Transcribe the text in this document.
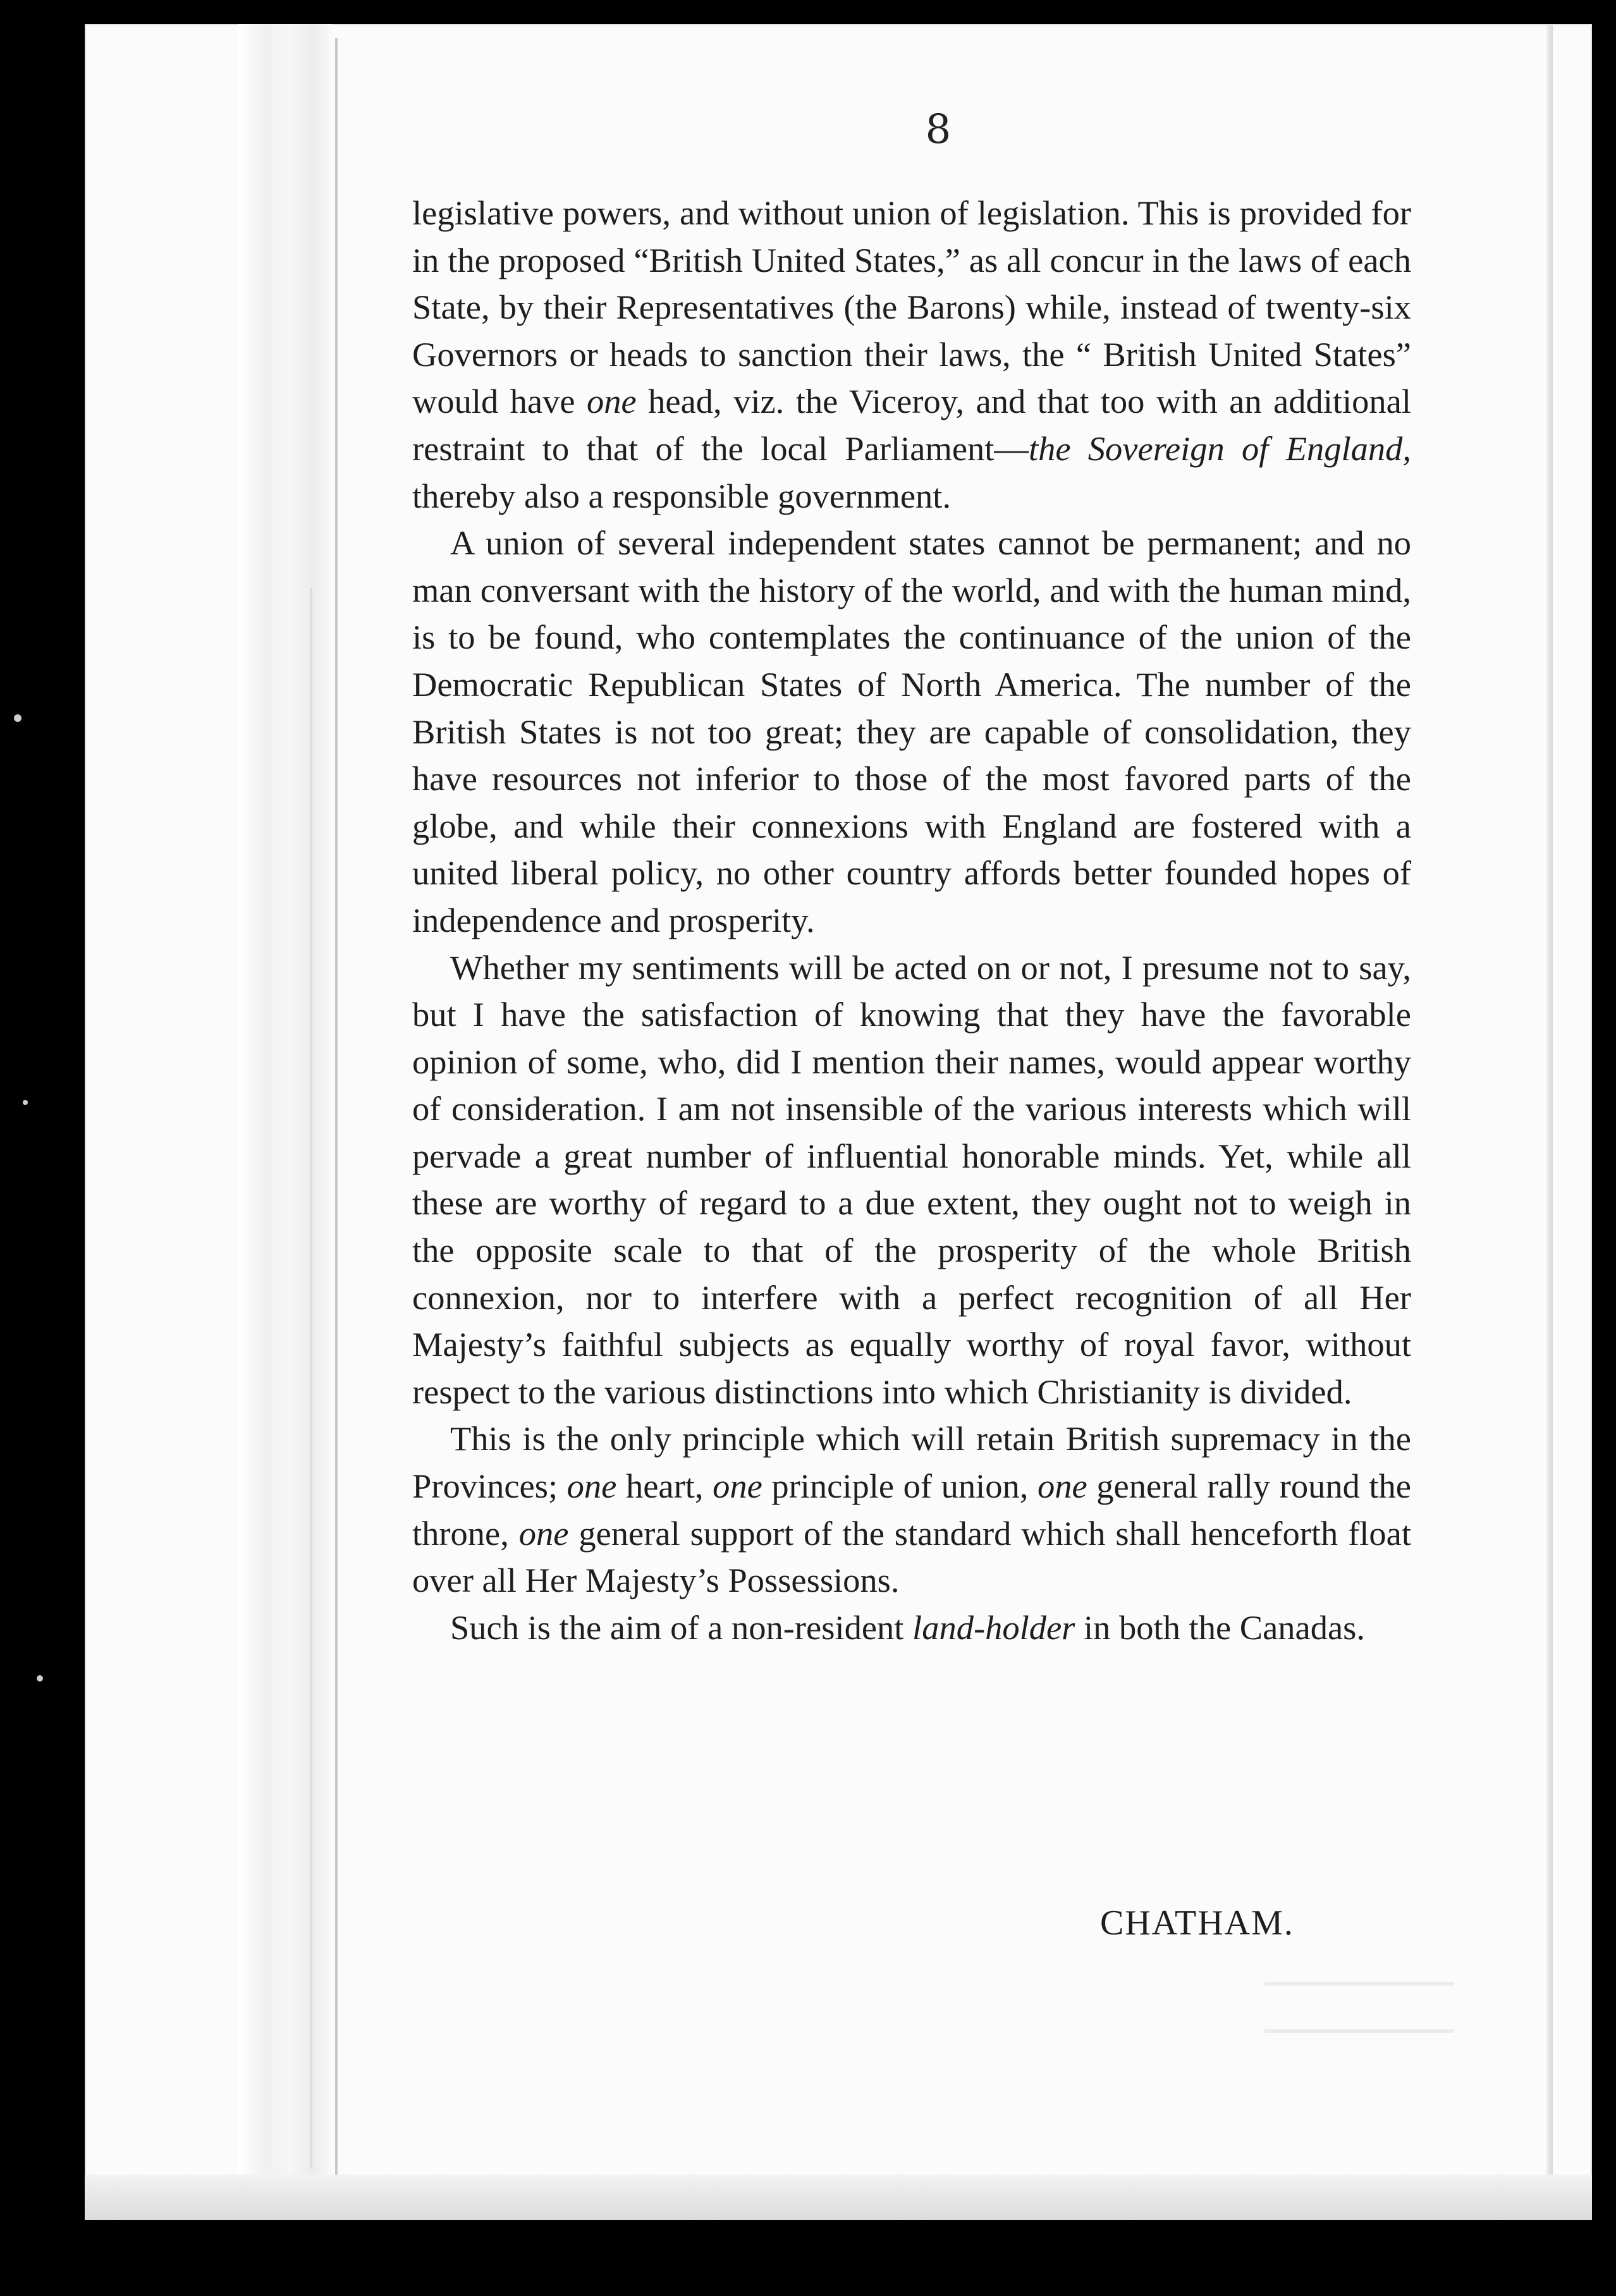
8

legislative powers, and without union of legislation. This is provided for in the proposed “British United States,” as all concur in the laws of each State, by their Representatives (the Barons) while, instead of twenty-six Governors or heads to sanction their laws, the “ British United States” would have one head, viz. the Viceroy, and that too with an additional restraint to that of the local Parliament—the Sovereign of England, thereby also a responsible government.

A union of several independent states cannot be permanent; and no man conversant with the history of the world, and with the human mind, is to be found, who contemplates the continuance of the union of the Democratic Republican States of North America. The number of the British States is not too great; they are capable of consolidation, they have resources not inferior to those of the most favored parts of the globe, and while their connexions with England are fostered with a united liberal policy, no other country affords better founded hopes of independence and prosperity.

Whether my sentiments will be acted on or not, I presume not to say, but I have the satisfaction of knowing that they have the favorable opinion of some, who, did I mention their names, would appear worthy of consideration. I am not insensible of the various interests which will pervade a great number of influential honorable minds. Yet, while all these are worthy of regard to a due extent, they ought not to weigh in the opposite scale to that of the prosperity of the whole British connexion, nor to interfere with a perfect recognition of all Her Majesty’s faithful subjects as equally worthy of royal favor, without respect to the various distinctions into which Christianity is divided.

This is the only principle which will retain British supremacy in the Provinces; one heart, one principle of union, one general rally round the throne, one general support of the standard which shall henceforth float over all Her Majesty’s Possessions.

Such is the aim of a non-resident land-holder in both the Canadas.

CHATHAM.
